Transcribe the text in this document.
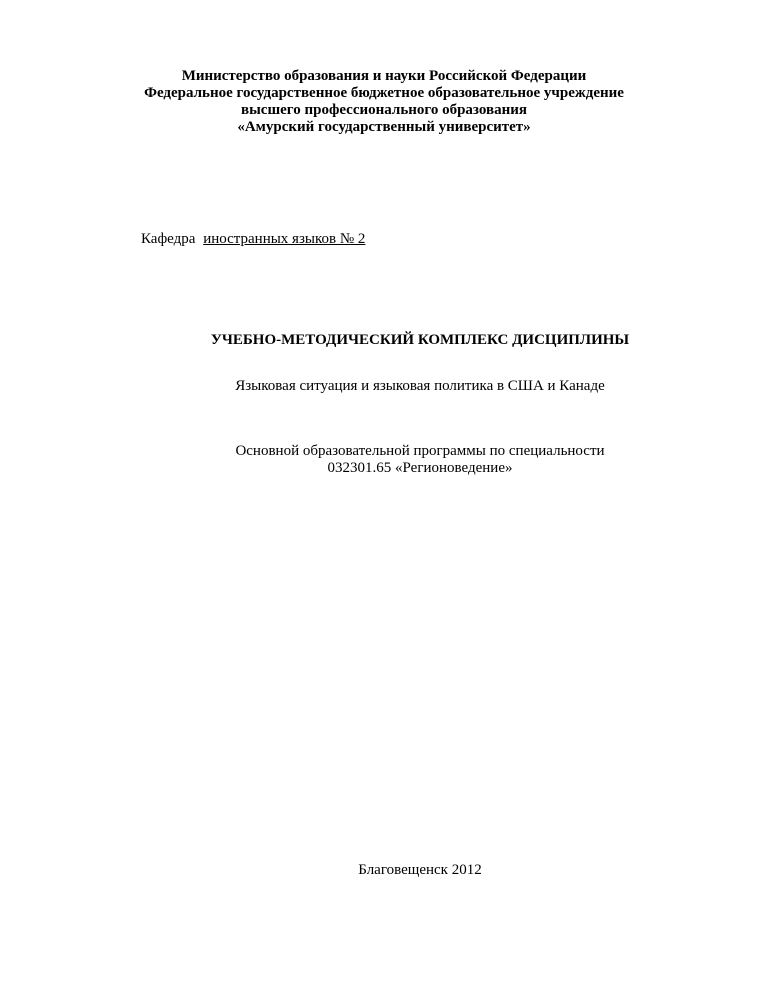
Министерство образования и науки Российской Федерации
Федеральное государственное бюджетное образовательное учреждение
высшего профессионального образования
«Амурский государственный университет»
Кафедра иностранных языков № 2
УЧЕБНО-МЕТОДИЧЕСКИЙ КОМПЛЕКС ДИСЦИПЛИНЫ
Языковая ситуация и языковая политика в США и Канаде
Основной образовательной программы по специальности
032301.65 «Регионоведение»
Благовещенск 2012
